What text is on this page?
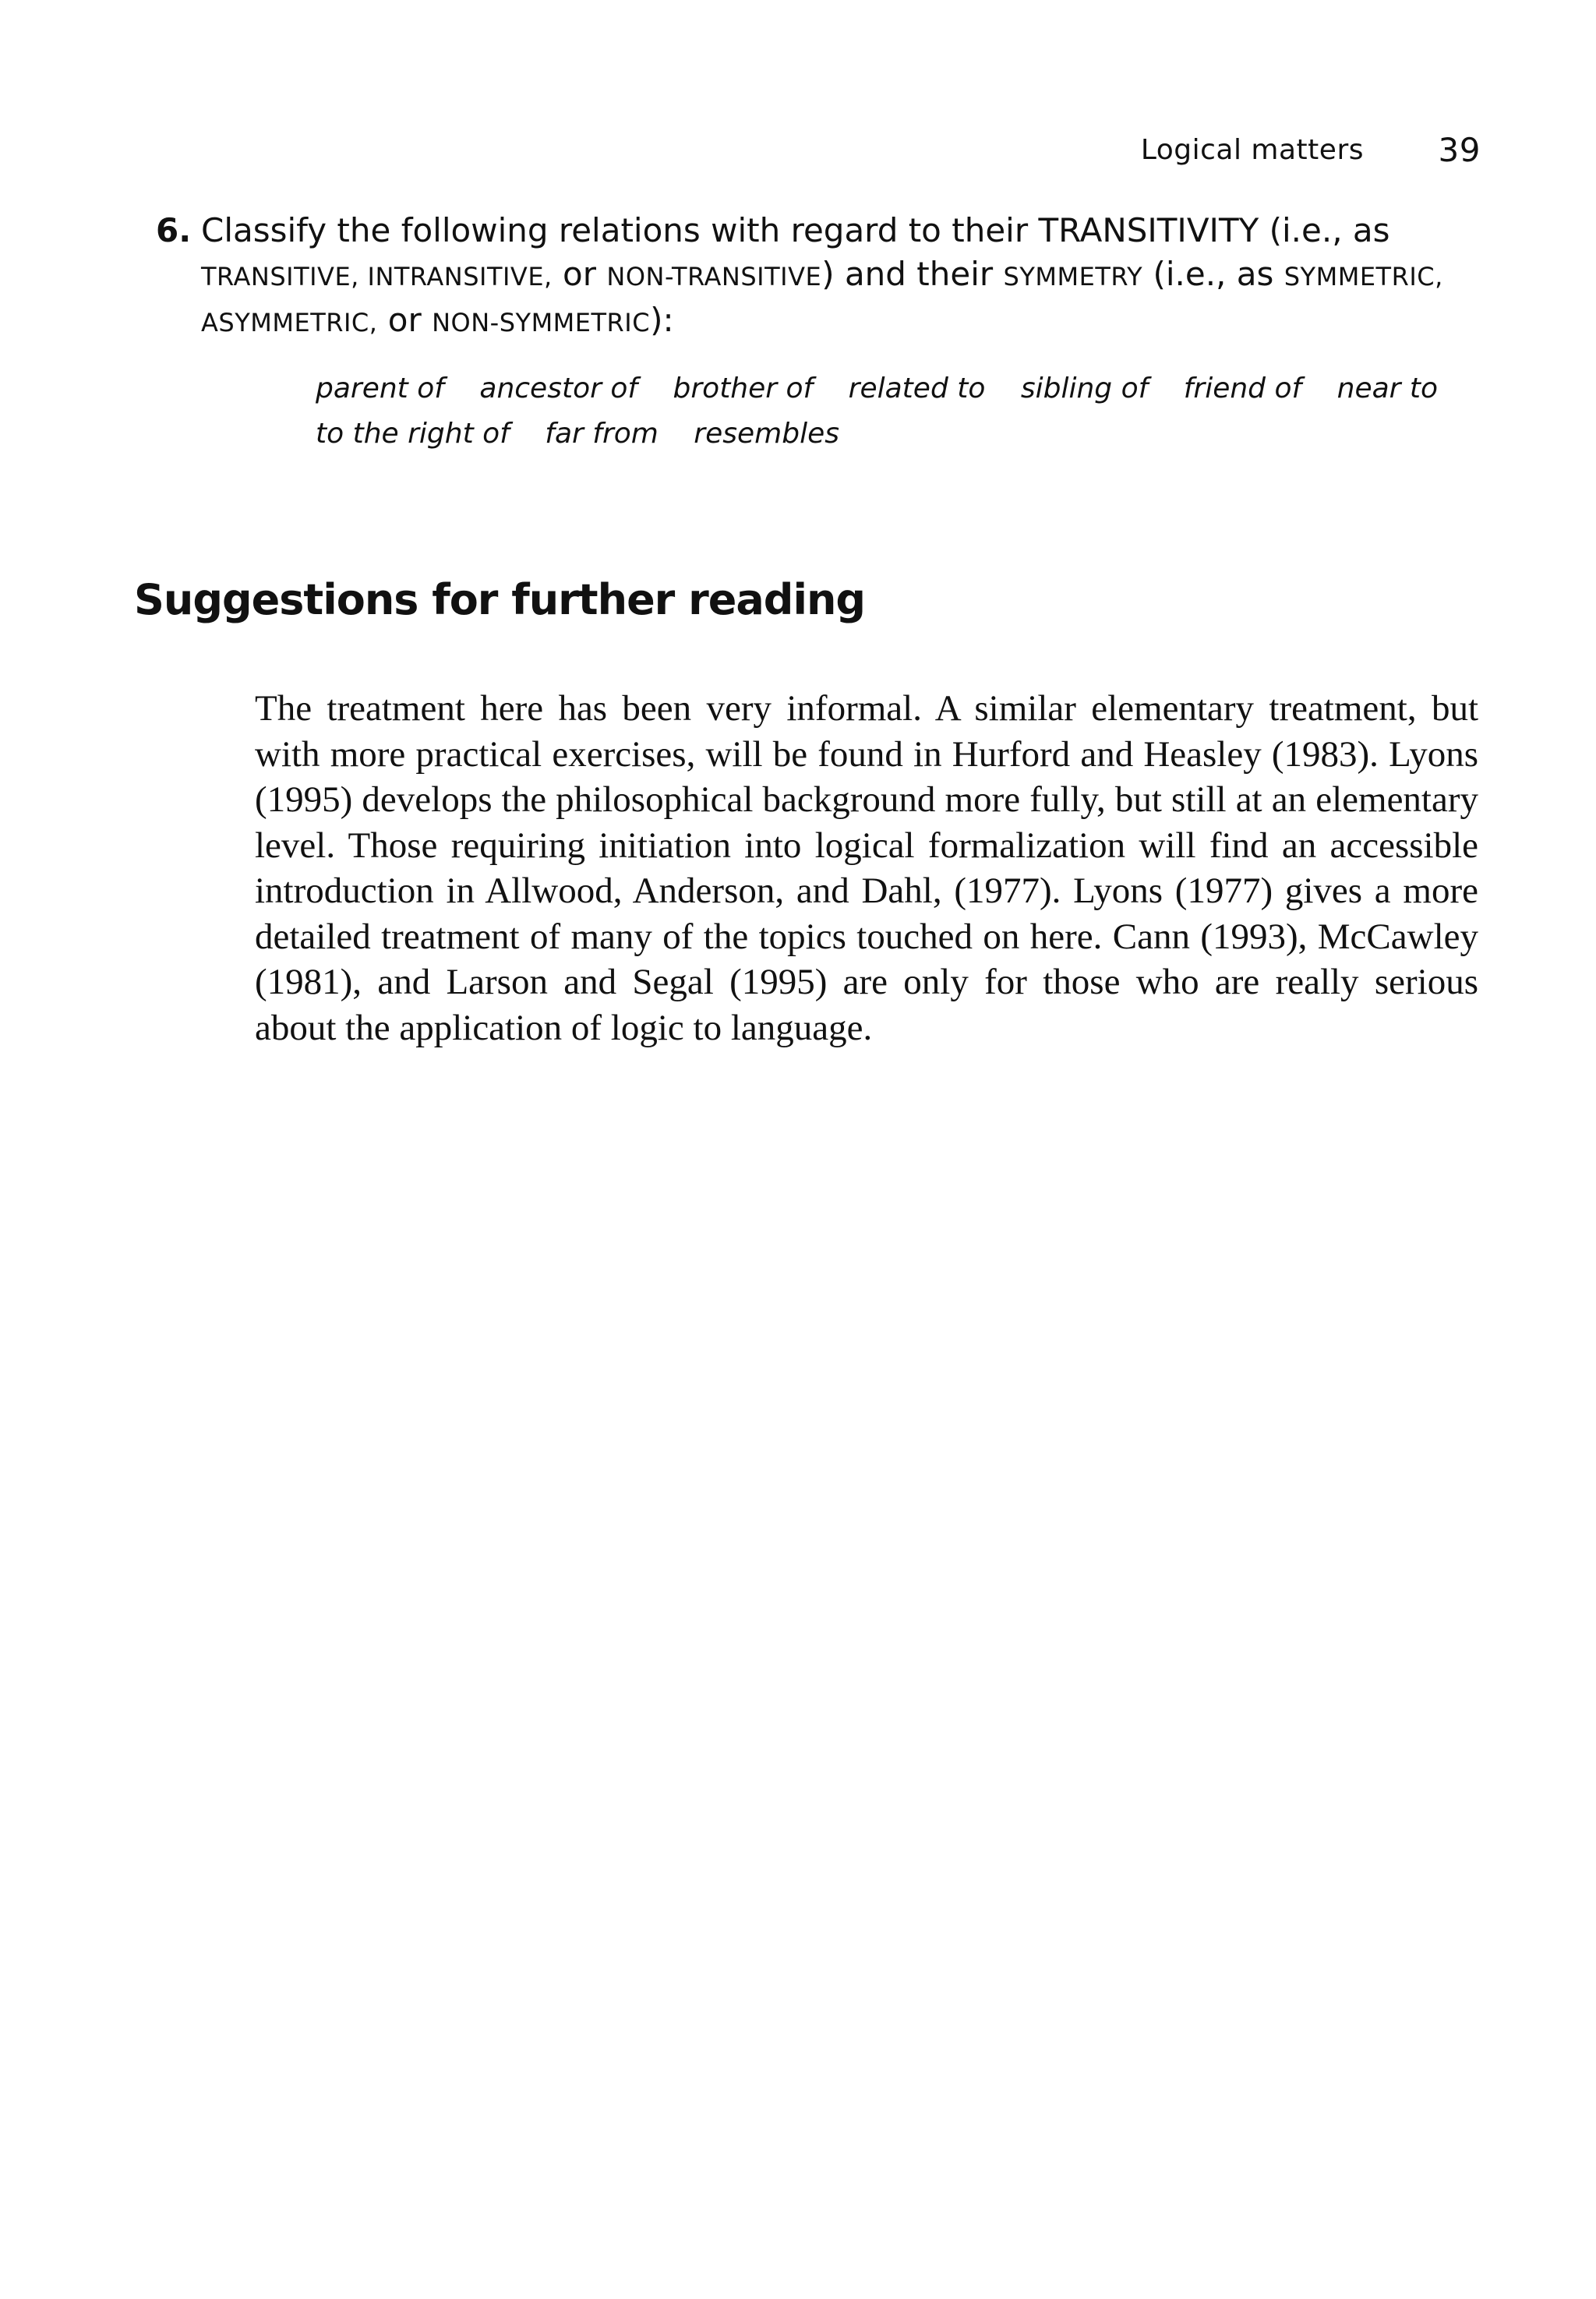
Logical matters 39
6. Classify the following relations with regard to their TRANSITIVITY (i.e., as TRANSITIVE, INTRANSITIVE, or NON-TRANSITIVE) and their SYMMETRY (i.e., as SYMMETRIC, ASYMMETRIC, or NON-SYMMETRIC):
parent of ancestor of brother of related to sibling of friend of near to
to the right of far from resembles
Suggestions for further reading
The treatment here has been very informal. A similar elementary treatment, but with more practical exercises, will be found in Hurford and Heasley (1983). Lyons (1995) develops the philosophical background more fully, but still at an elementary level. Those requiring initiation into logical formalization will find an accessible introduction in Allwood, Anderson, and Dahl, (1977). Lyons (1977) gives a more detailed treatment of many of the topics touched on here. Cann (1993), McCawley (1981), and Larson and Segal (1995) are only for those who are really serious about the application of logic to language.
